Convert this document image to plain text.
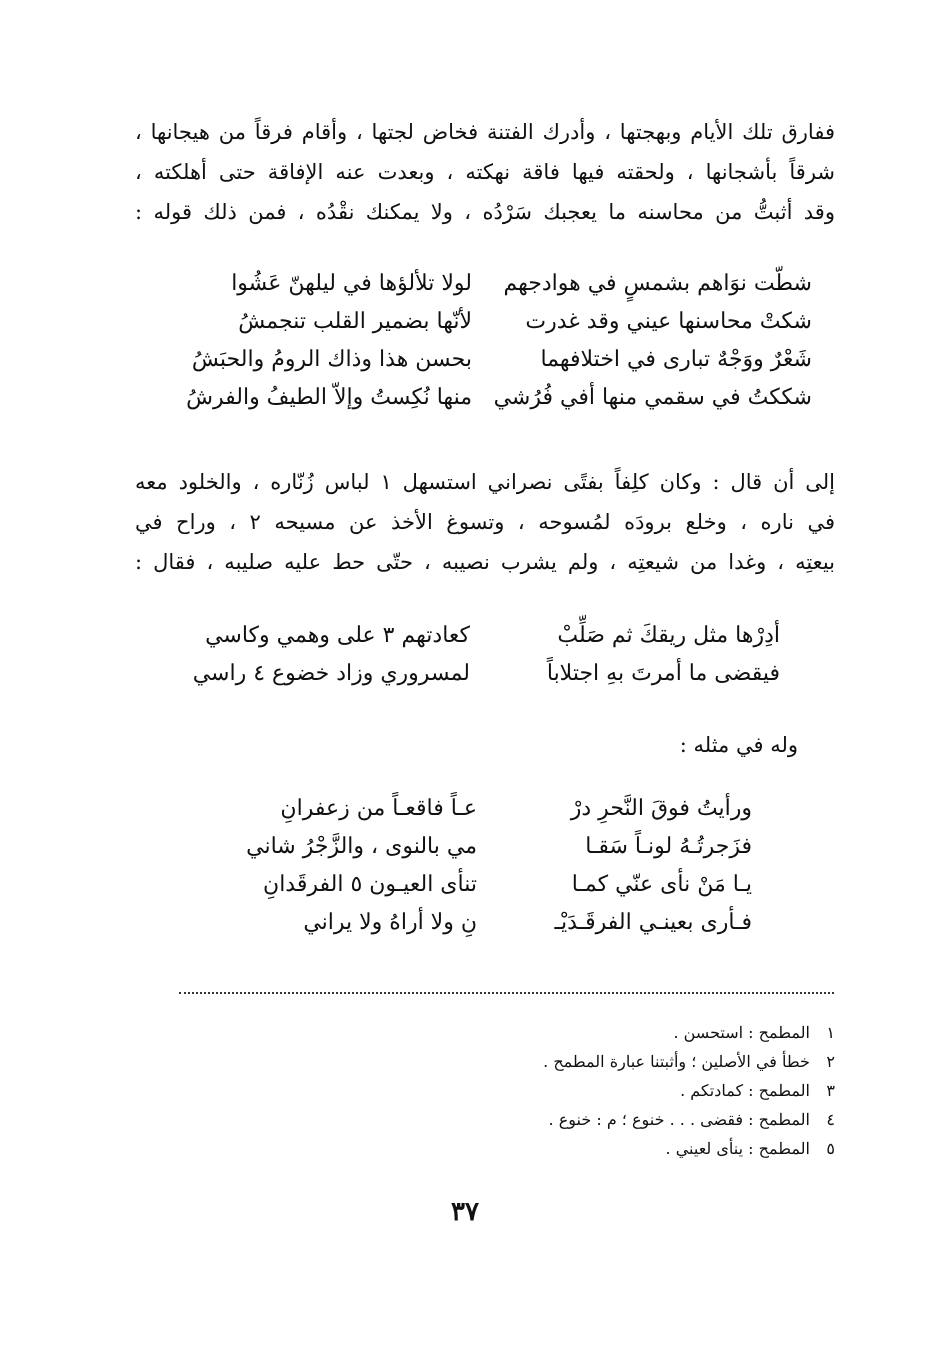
ففارق تلك الأيام وبهجتها ، وأدرك الفتنة فخاض لجتها ، وأقام فرقاً من هيجانها ،
شرقاً بأشجانها ، ولحقته فيها فاقة نهكته ، وبعدت عنه الإفاقة حتى أهلكته ،
وقد أثبتُّ من محاسنه ما يعجبك سَرْدُه ، ولا يمكنك نقْدُه ، فمن ذلك قوله :
شطّت نوَاهم بشمسٍ في هوادجهم
لولا تلألؤها في ليلهنّ عَشُوا
شكتْ محاسنها عيني وقد غدرت
لأنّها بضمير القلب تنجمشُ
شَعْرٌ ووَجْهٌ تبارى في اختلافهما
بحسن هذا وذاك الرومُ والحبَشُ
شككتُ في سقمي منها أفي فُرُشي
منها نُكِستُ وإلاّ الطيفُ والفرشُ
إلى أن قال : وكان كلِفاً بفتًى نصراني استسهل ١ لباس زُنّاره ، والخلود معه
في ناره ، وخلع برودَه لمُسوحه ، وتسوغ الأخذ عن مسيحه ٢ ، وراح في
بيعتِه ، وغدا من شيعتِه ، ولم يشرب نصيبه ، حتّى حط عليه صليبه ، فقال :
أدِرْها مثل ريقكَ ثم صَلِّبْ
كعادتهم ٣ على وهمي وكاسي
فيقضى ما أمرتَ بهِ اجتلاباً
لمسروري وزاد خضوع ٤ راسي
وله في مثله :
ورأيتُ فوقَ النَّحرِ درْ
عـاً فاقعـاً من زعفرانِ
فزَجرتُـهُ لونـاً سَقـا
مي بالنوى ، والزَّجْرُ شاني
يـا مَنْ نأى عنّي كمـا
تنأى العيـون ٥ الفرقَدانِ
فـأرى بعينـي الفرقَـدَيْـ
نِ ولا أراهُ ولا يراني
١ المطمح : استحسن .
٢ خطأ في الأصلين ؛ وأثبتنا عبارة المطمح .
٣ المطمح : كمادتكم .
٤ المطمح : فقضى . . . خنوع ؛ م : خنوع .
٥ المطمح : ينأى لعيني .
٣٧
